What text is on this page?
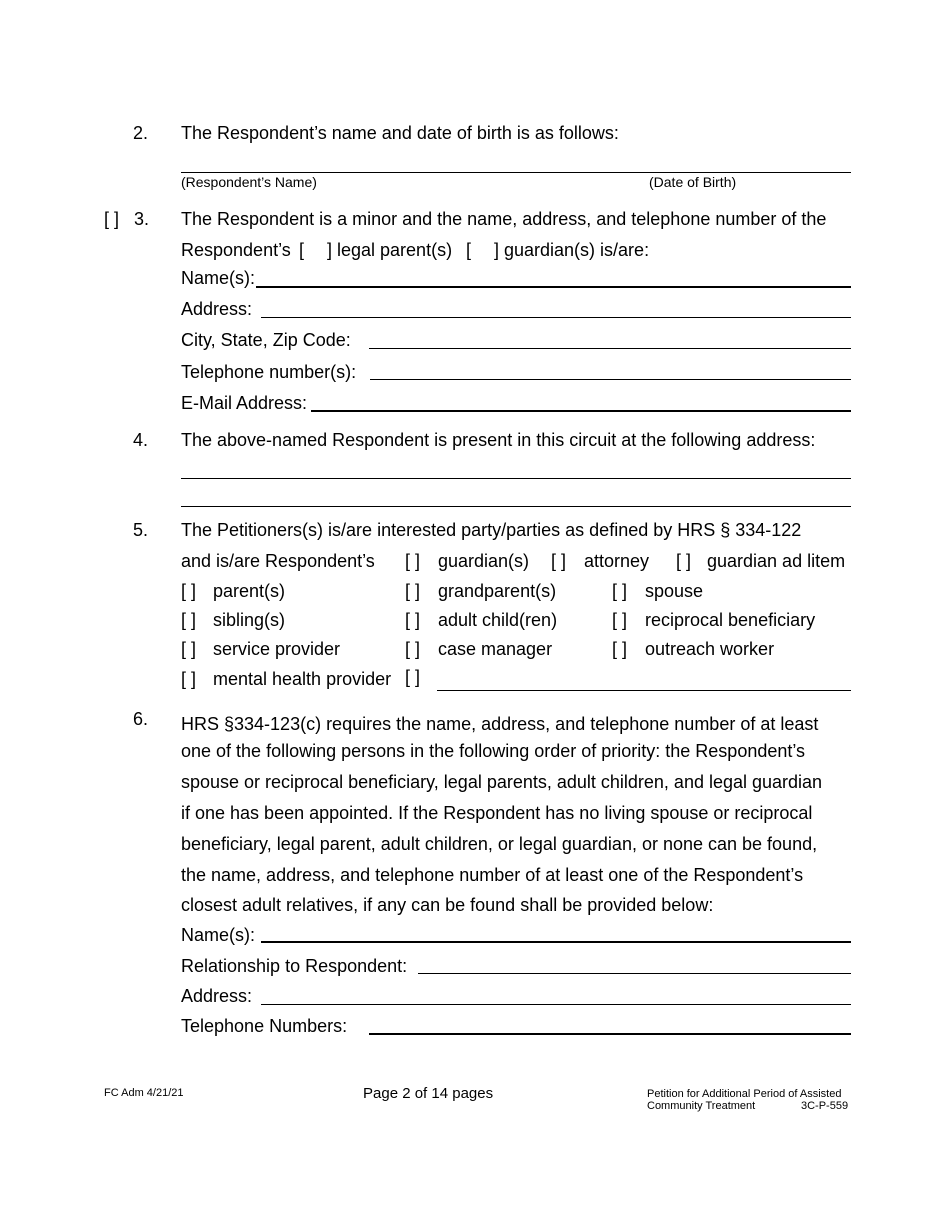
2. The Respondent’s name and date of birth is as follows:
(Respondent’s Name)	(Date of Birth)
[ ] 3. The Respondent is a minor and the name, address, and telephone number of the
Respondent’s [ ] legal parent(s) [ ] guardian(s) is/are:
Name(s):
Address:
City, State, Zip Code:
Telephone number(s):
E-Mail Address:
4. The above-named Respondent is present in this circuit at the following address:
5. The Petitioners(s) is/are interested party/parties as defined by HRS § 334-122
and is/are Respondent’s [ ] guardian(s) [ ] attorney [ ] guardian ad litem
[ ] parent(s)	[ ] grandparent(s)	[ ] spouse
[ ] sibling(s)	[ ] adult child(ren)	[ ] reciprocal beneficiary
[ ] service provider	[ ] case manager	[ ] outreach worker
[ ] mental health provider [ ]
6. HRS §334-123(c) requires the name, address, and telephone number of at least
one of the following persons in the following order of priority: the Respondent’s
spouse or reciprocal beneficiary, legal parents, adult children, and legal guardian
if one has been appointed. If the Respondent has no living spouse or reciprocal
beneficiary, legal parent, adult children, or legal guardian, or none can be found,
the name, address, and telephone number of at least one of the Respondent’s
closest adult relatives, if any can be found shall be provided below:
Name(s):
Relationship to Respondent:
Address:
Telephone Numbers:
FC Adm 4/21/21	Page 2 of 14 pages	Petition for Additional Period of Assisted
Community Treatment	3C-P-559
